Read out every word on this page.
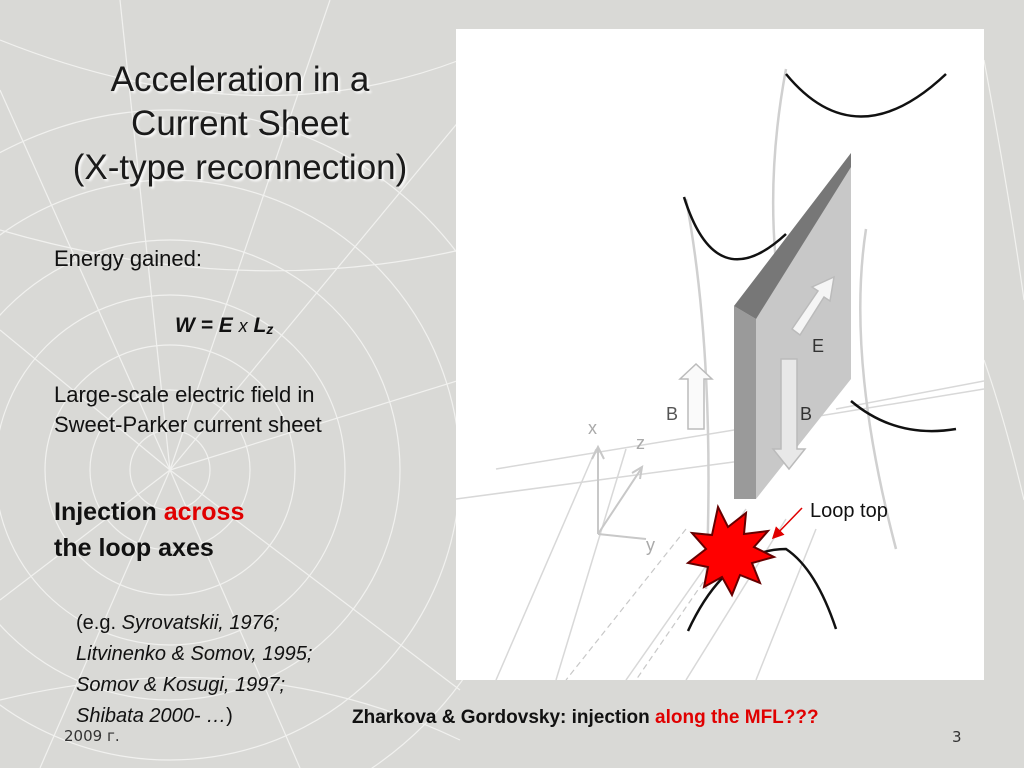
Acceleration in a
Current Sheet
(X-type reconnection)
Energy gained:
W = E x $L_z$
Large-scale electric field in
Sweet-Parker current sheet
Injection across
the loop axes
(e.g. Syrovatskii, 1976;
Litvinenko & Somov, 1995;
Somov & Kosugi, 1997;
Shibata 2000- …)
x
z
y
E
B	B
Loop top
Zharkova & Gordovsky: injection along the MFL???
2009 г.	3
